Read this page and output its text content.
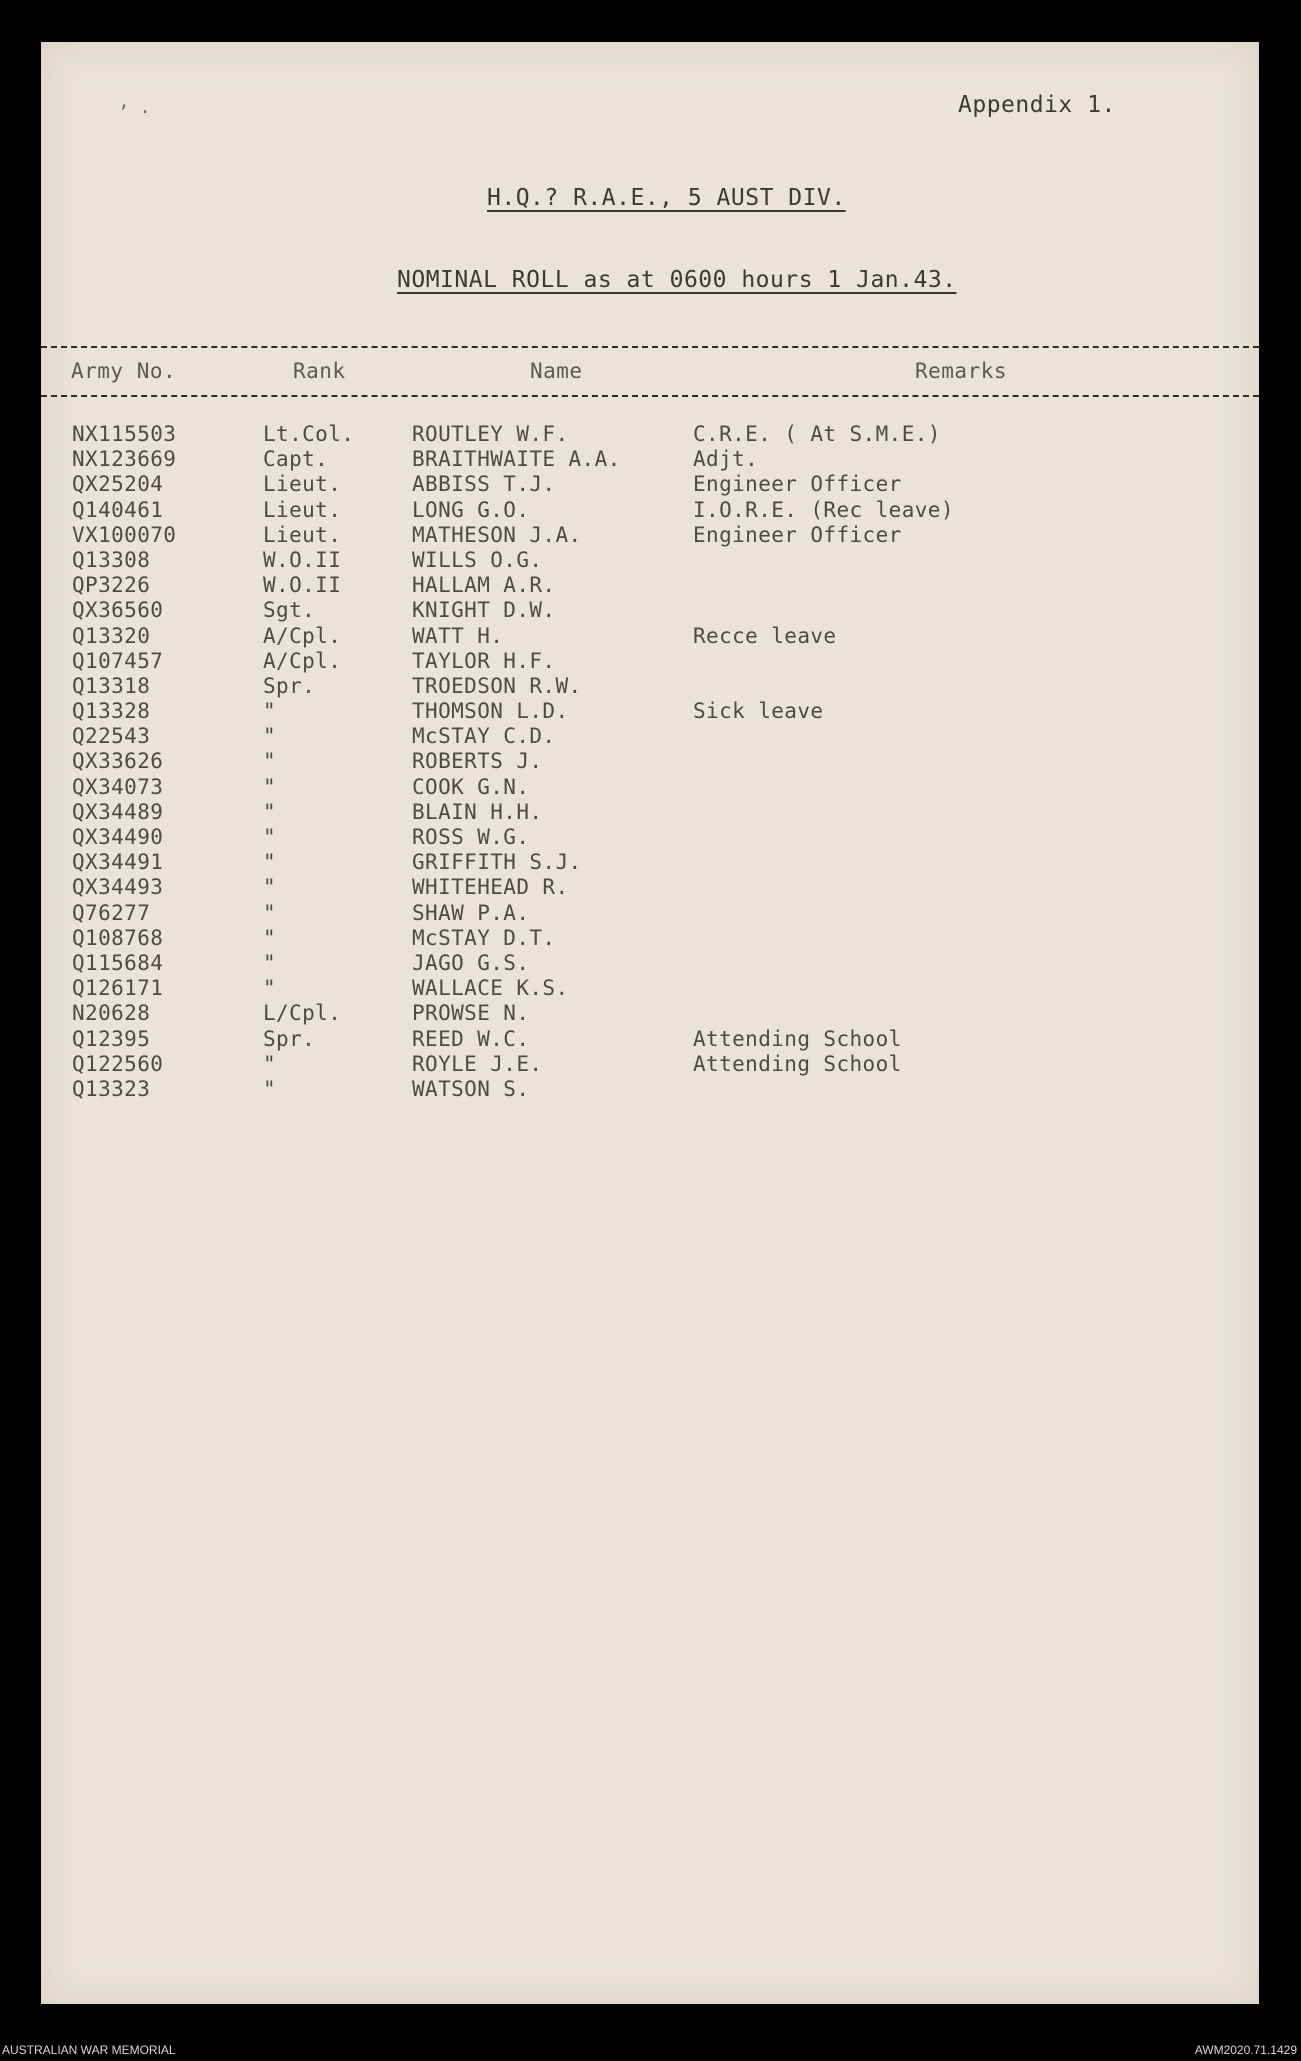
’ ·	Appendix 1.
H.Q.? R.A.E., 5 AUST DIV.
NOMINAL ROLL as at 0600 hours 1 Jan.43.
Army No.	Rank	Name	Remarks
NX115503	Lt.Col.	ROUTLEY W.F.	C.R.E. ( At S.M.E.)
NX123669	Capt.	BRAITHWAITE A.A.	Adjt.
QX25204	Lieut.	ABBISS T.J.	Engineer Officer
Q140461	Lieut.	LONG G.O.	I.O.R.E. (Rec leave)
VX100070	Lieut.	MATHESON J.A.	Engineer Officer
Q13308	W.O.II	WILLS O.G.
QP3226	W.O.II	HALLAM A.R.
QX36560	Sgt.	KNIGHT D.W.
Q13320	A/Cpl.	WATT H.	Recce leave
Q107457	A/Cpl.	TAYLOR H.F.
Q13318	Spr.	TROEDSON R.W.
Q13328	"	THOMSON L.D.	Sick leave
Q22543	"	McSTAY C.D.
QX33626	"	ROBERTS J.
QX34073	"	COOK G.N.
QX34489	"	BLAIN H.H.
QX34490	"	ROSS W.G.
QX34491	"	GRIFFITH S.J.
QX34493	"	WHITEHEAD R.
Q76277	"	SHAW P.A.
Q108768	"	McSTAY D.T.
Q115684	"	JAGO G.S.
Q126171	"	WALLACE K.S.
N20628	L/Cpl.	PROWSE N.
Q12395	Spr.	REED W.C.	Attending School
Q122560	"	ROYLE J.E.	Attending School
Q13323	"	WATSON S.
AUSTRALIAN WAR MEMORIAL	AWM2020.71.1429
